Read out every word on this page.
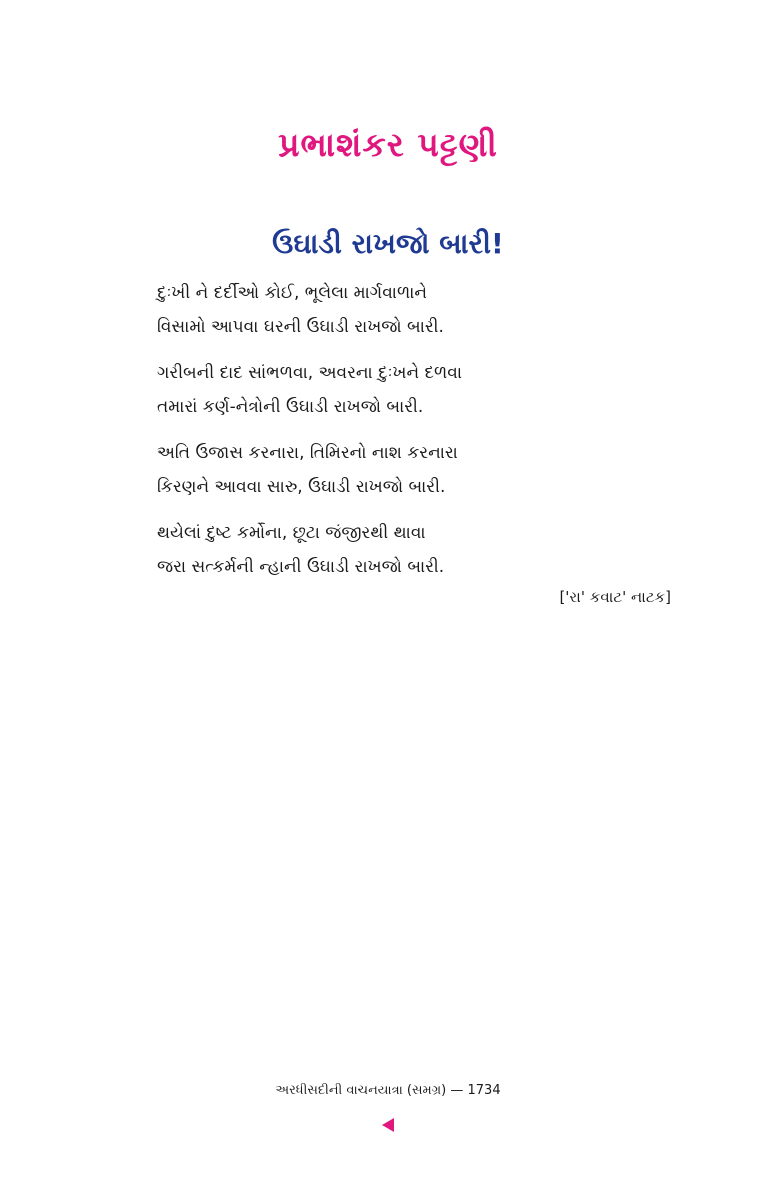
પ્રભાશંકર પટ્ટણી
ઉઘાડી રાખજો બારી!
દુઃખી ને દર્દીઓ કોઈ, ભૂલેલા માર્ગવાળાને
વિસામો આપવા ઘરની ઉઘાડી રાખજો બારી.
ગરીબની દાદ સાંભળવા, અવરના દુઃખને દળવા
તમારાં કર્ણ-નેત્રોની ઉઘાડી રાખજો બારી.
અતિ ઉજાસ કરનારા, તિમિરનો નાશ કરનારા
કિરણને આવવા સારુ, ઉઘાડી રાખજો બારી.
થયેલાં દુષ્ટ કર્મોના, છૂટા જંજીરથી થાવા
જરા સત્કર્મની ન્હાની ઉઘાડી રાખજો બારી.
['રા' કવાટ' નાટક]
અરધીસદીની વાચનયાત્રા (સમગ્ર) — 1734
